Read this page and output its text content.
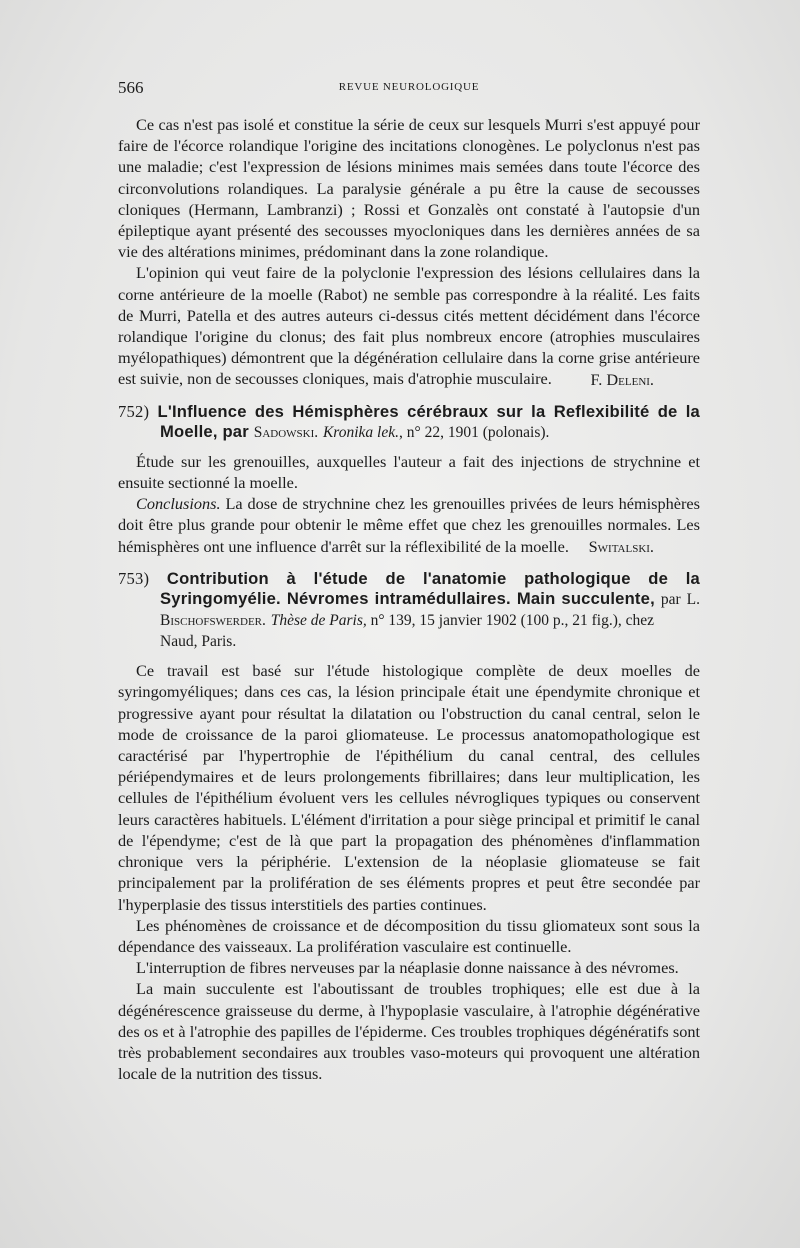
566	REVUE NEUROLOGIQUE

Ce cas n'est pas isolé et constitue la série de ceux sur lesquels Murri s'est appuyé pour faire de l'écorce rolandique l'origine des incitations clonogènes. Le polyclonus n'est pas une maladie; c'est l'expression de lésions minimes mais semées dans toute l'écorce des circonvolutions rolandiques. La paralysie générale a pu être la cause de secousses cloniques (Hermann, Lambranzi) ; Rossi et Gonzalès ont constaté à l'autopsie d'un épileptique ayant présenté des secousses myocloniques dans les dernières années de sa vie des altérations minimes, prédominant dans la zone rolandique.

L'opinion qui veut faire de la polyclonie l'expression des lésions cellulaires dans la corne antérieure de la moelle (Rabot) ne semble pas correspondre à la réalité. Les faits de Murri, Patella et des autres auteurs ci-dessus cités mettent décidément dans l'écorce rolandique l'origine du clonus; des fait plus nombreux encore (atrophies musculaires myélopathiques) démontrent que la dégénération cellulaire dans la corne grise antérieure est suivie, non de secousses cloniques, mais d'atrophie musculaire.	F. Deleni.

752) L'Influence des Hémisphères cérébraux sur la Reflexibilité de la Moelle, par Sadowski. Kronika lek., n° 22, 1901 (polonais).

Étude sur les grenouilles, auxquelles l'auteur a fait des injections de strychnine et ensuite sectionné la moelle.

Conclusions. La dose de strychnine chez les grenouilles privées de leurs hémisphères doit être plus grande pour obtenir le même effet que chez les grenouilles normales. Les hémisphères ont une influence d'arrêt sur la réflexibilité de la moelle.	Switalski.

753) Contribution à l'étude de l'anatomie pathologique de la Syringomyélie. Névromes intramédullaires. Main succulente, par L. Bischofswerder. Thèse de Paris, n° 139, 15 janvier 1902 (100 p., 21 fig.), chez

Naud, Paris.

Ce travail est basé sur l'étude histologique complète de deux moelles de syringomyéliques; dans ces cas, la lésion principale était une épendymite chronique et progressive ayant pour résultat la dilatation ou l'obstruction du canal central, selon le mode de croissance de la paroi gliomateuse. Le processus anatomopathologique est caractérisé par l'hypertrophie de l'épithélium du canal central, des cellules périépendymaires et de leurs prolongements fibrillaires; dans leur multiplication, les cellules de l'épithélium évoluent vers les cellules névrogliques typiques ou conservent leurs caractères habituels. L'élément d'irritation a pour siège principal et primitif le canal de l'épendyme; c'est de là que part la propagation des phénomènes d'inflammation chronique vers la périphérie. L'extension de la néoplasie gliomateuse se fait principalement par la prolifération de ses éléments propres et peut être secondée par l'hyperplasie des tissus interstitiels des parties continues.

Les phénomènes de croissance et de décomposition du tissu gliomateux sont sous la dépendance des vaisseaux. La prolifération vasculaire est continuelle.

L'interruption de fibres nerveuses par la néaplasie donne naissance à des névromes.

La main succulente est l'aboutissant de troubles trophiques; elle est due à la dégénérescence graisseuse du derme, à l'hypoplasie vasculaire, à l'atrophie dégénérative des os et à l'atrophie des papilles de l'épiderme. Ces troubles trophiques dégénératifs sont très probablement secondaires aux troubles vaso-moteurs qui provoquent une altération locale de la nutrition des tissus.
